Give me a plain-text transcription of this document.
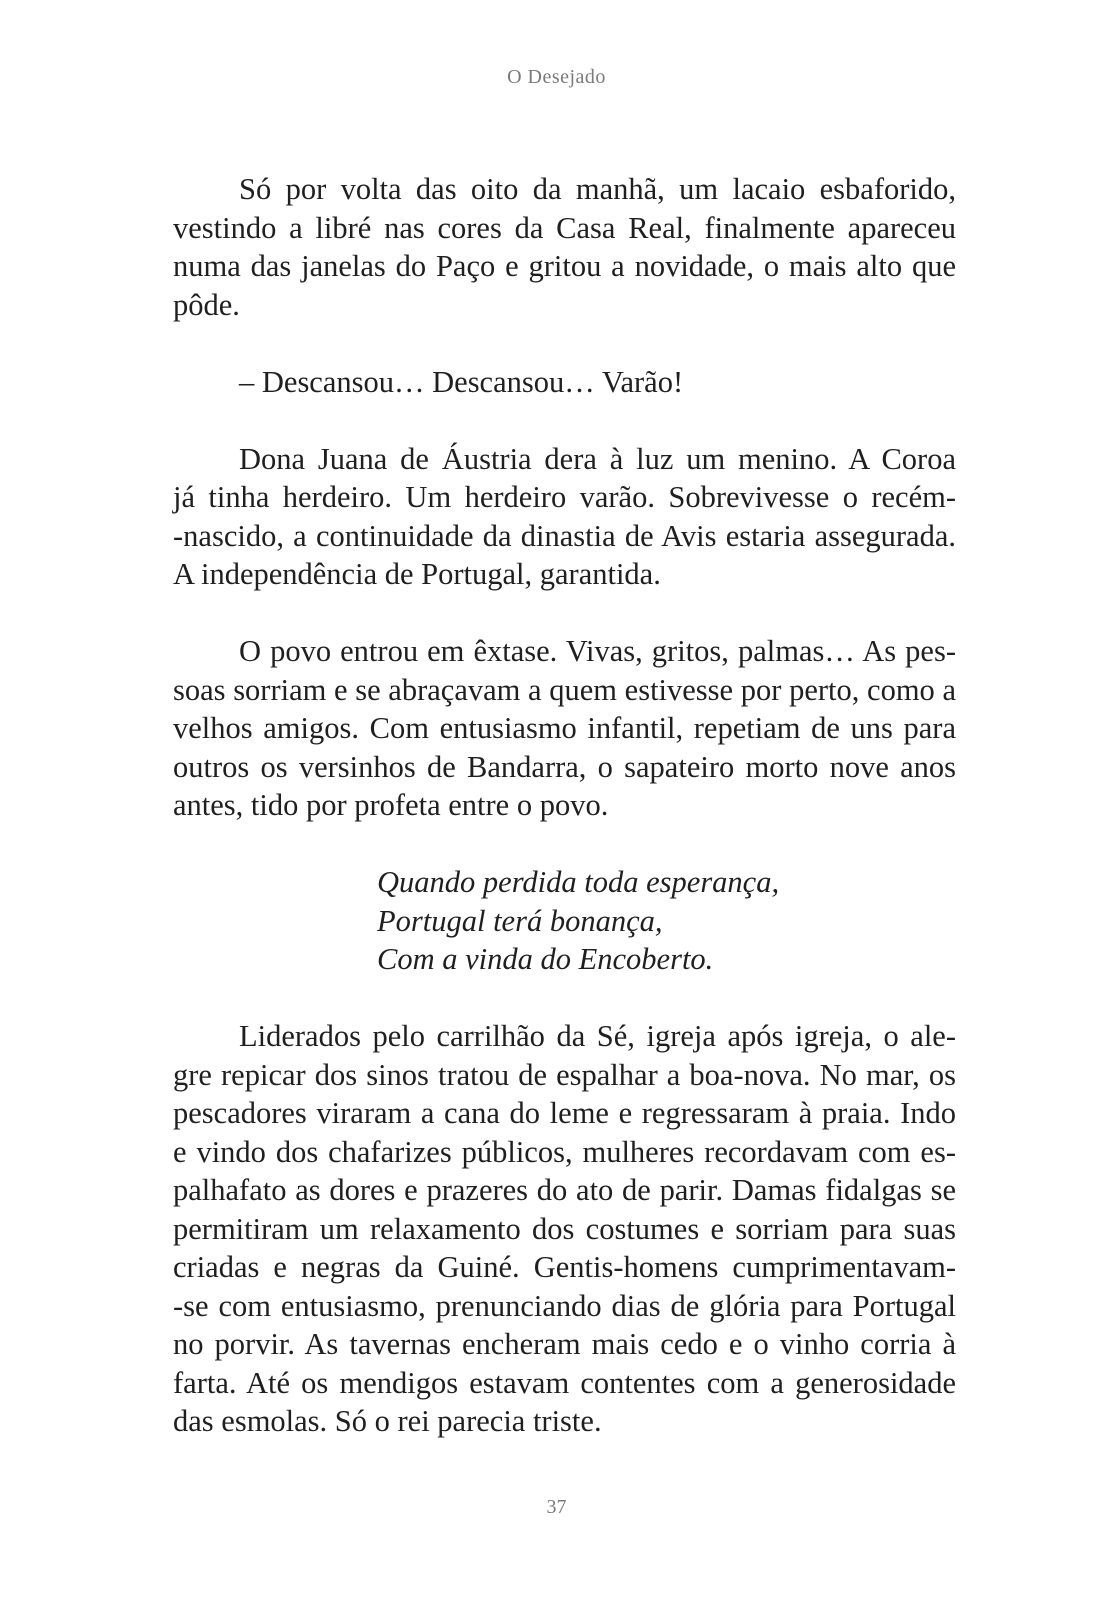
O Desejado
Só por volta das oito da manhã, um lacaio esbaforido,
vestindo a libré nas cores da Casa Real, finalmente apareceu
numa das janelas do Paço e gritou a novidade, o mais alto que
pôde.
– Descansou… Descansou… Varão!
Dona Juana de Áustria dera à luz um menino. A Coroa
já tinha herdeiro. Um herdeiro varão. Sobrevivesse o recém-
-nascido, a continuidade da dinastia de Avis estaria assegurada.
A independência de Portugal, garantida.
O povo entrou em êxtase. Vivas, gritos, palmas… As pes-
soas sorriam e se abraçavam a quem estivesse por perto, como a
velhos amigos. Com entusiasmo infantil, repetiam de uns para
outros os versinhos de Bandarra, o sapateiro morto nove anos
antes, tido por profeta entre o povo.
Quando perdida toda esperança,
Portugal terá bonança,
Com a vinda do Encoberto.
Liderados pelo carrilhão da Sé, igreja após igreja, o ale-
gre repicar dos sinos tratou de espalhar a boa-nova. No mar, os
pescadores viraram a cana do leme e regressaram à praia. Indo
e vindo dos chafarizes públicos, mulheres recordavam com es-
palhafato as dores e prazeres do ato de parir. Damas fidalgas se
permitiram um relaxamento dos costumes e sorriam para suas
criadas e negras da Guiné. Gentis-homens cumprimentavam-
-se com entusiasmo, prenunciando dias de glória para Portugal
no porvir. As tavernas encheram mais cedo e o vinho corria à
farta. Até os mendigos estavam contentes com a generosidade
das esmolas. Só o rei parecia triste.
37
